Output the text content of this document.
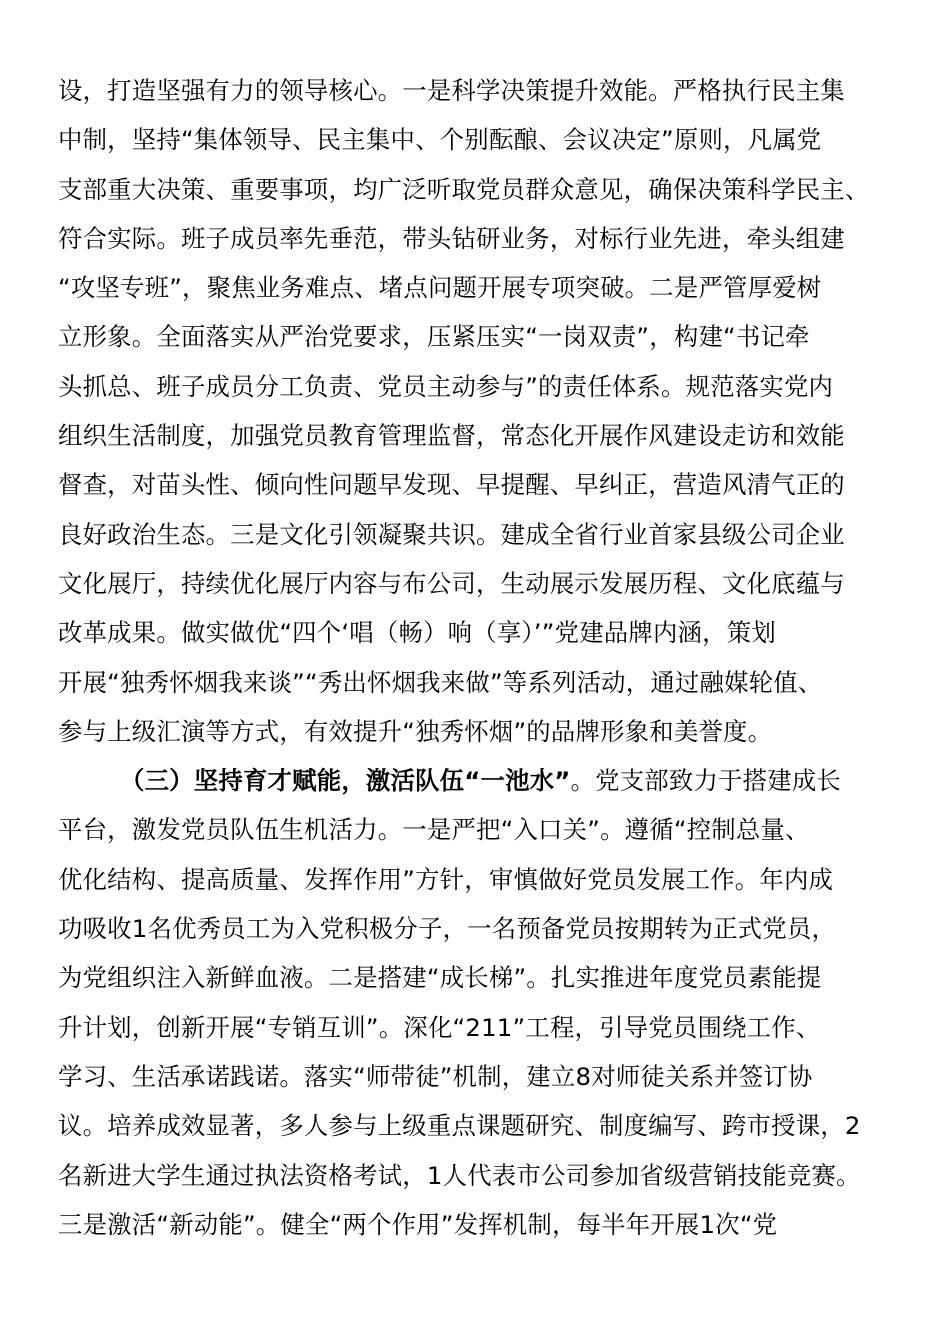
设，打造坚强有力的领导核心。一是科学决策提升效能。严格执行民主集
中制，坚持“集体领导、民主集中、个别酝酿、会议决定”原则，凡属党
支部重大决策、重要事项，均广泛听取党员群众意见，确保决策科学民主、
符合实际。班子成员率先垂范，带头钻研业务，对标行业先进，牵头组建
“攻坚专班”，聚焦业务难点、堵点问题开展专项突破。二是严管厚爱树
立形象。全面落实从严治党要求，压紧压实“一岗双责”，构建“书记牵
头抓总、班子成员分工负责、党员主动参与”的责任体系。规范落实党内
组织生活制度，加强党员教育管理监督，常态化开展作风建设走访和效能
督查，对苗头性、倾向性问题早发现、早提醒、早纠正，营造风清气正的
良好政治生态。三是文化引领凝聚共识。建成全省行业首家县级公司企业
文化展厅，持续优化展厅内容与布公司，生动展示发展历程、文化底蕴与
改革成果。做实做优“四个‘唱（畅）响（享）’”党建品牌内涵，策划
开展“独秀怀烟我来谈”“秀出怀烟我来做”等系列活动，通过融媒轮值、
参与上级汇演等方式，有效提升“独秀怀烟”的品牌形象和美誉度。
（三）坚持育才赋能，激活队伍“一池水”。党支部致力于搭建成长
平台，激发党员队伍生机活力。一是严把“入口关”。遵循“控制总量、
优化结构、提高质量、发挥作用”方针，审慎做好党员发展工作。年内成
功吸收1名优秀员工为入党积极分子，一名预备党员按期转为正式党员，
为党组织注入新鲜血液。二是搭建“成长梯”。扎实推进年度党员素能提
升计划，创新开展“专销互训”。深化“211”工程，引导党员围绕工作、
学习、生活承诺践诺。落实“师带徒”机制，建立8对师徒关系并签订协
议。培养成效显著，多人参与上级重点课题研究、制度编写、跨市授课，2
名新进大学生通过执法资格考试，1人代表市公司参加省级营销技能竞赛。
三是激活“新动能”。健全“两个作用”发挥机制，每半年开展1次“党
